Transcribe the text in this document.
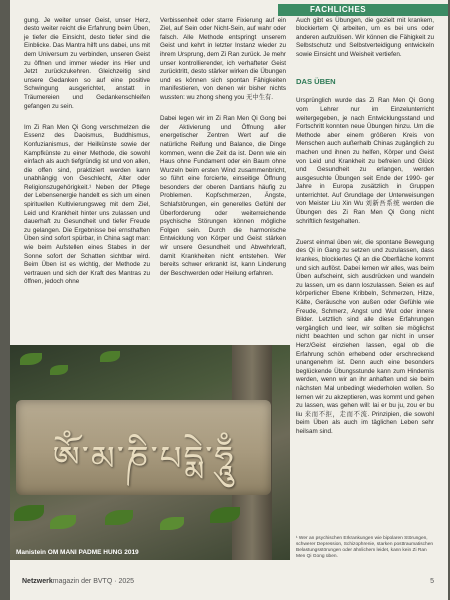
FACHLICHES

gung. Je weiter unser Geist, unser Herz, desto weiter reicht die Erfahrung beim Üben, je tiefer die Einsicht, desto tiefer sind die Einblicke. Das Mantra hilft uns dabei, uns mit dem Universum zu verbinden, unseren Geist zu öffnen und immer wieder ins Hier und Jetzt zurückzukehren. Gleichzeitig sind unsere Gedanken so auf eine positive Schwingung ausgerichtet, anstatt in Träumereien und Gedankenschleifen gefangen zu sein.

Im Zi Ran Men Qi Gong verschmelzen die Essenz des Daoismus, Buddhismus, Konfuzianismus, der Heilkünste sowie der Kampfkünste zu einer Methode, die sowohl einfach als auch tiefgründig ist und von allen, die offen sind, praktiziert werden kann unabhängig von Geschlecht, Alter oder Religionszugehörigkeit.¹ Neben der Pflege der Lebensenergie handelt es sich um einen spirituellen Kultivierungsweg mit dem Ziel, Leid und Krankheit hinter uns zulassen und dauerhaft zu Gesundheit und tiefer Freude zu gelangen. Die Ergebnisse bei ernsthaften Üben sind sofort spürbar, in China sagt man: wie beim Aufstellen eines Stabes in der Sonne sofort der Schatten sichtbar wird. Beim Üben ist es wichtig, der Methode zu vertrauen und sich der Kraft des Mantras zu öffnen, jedoch ohne

Verbissenheit oder starre Fixierung auf ein Ziel, auf Sein oder Nicht-Sein, auf wahr oder falsch. Alle Methode entspringt unserem Geist und kehrt in letzter Instanz wieder zu ihrem Ursprung, dem Zi Ran zurück. Je mehr unser kontrollierender, ich verhafteter Geist zurücktritt, desto stärker wirken die Übungen und es können sich spontan Fähigkeiten manifestieren, von denen wir bisher nichts wussten: wu zhong sheng you 无中生有.

Dabei legen wir im Zi Ran Men Qi Gong bei der Aktivierung und Öffnung aller energetischer Zentren Wert auf die natürliche Reifung und Balance, die Dinge kommen, wenn die Zeit da ist. Denn wie ein Haus ohne Fundament oder ein Baum ohne Wurzeln beim ersten Wind zusammenbricht, so führt eine forcierte, einseitige Öffnung besonders der oberen Dantians häufig zu Problemen. Kopfschmerzen, Ängste, Schlafstörungen, ein generelles Gefühl der Überforderung oder weiterreichende psychische Störungen können mögliche Folgen sein. Durch die harmonische Entwicklung von Körper und Geist stärken wir unsere Gesundheit und Abwehrkraft, damit Krankheiten nicht entstehen. Wer bereits schwer erkrankt ist, kann Linderung der Beschwerden oder Heilung erfahren.

Auch gibt es Übungen, die gezielt mit krankem, blockiertem Qi arbeiten, um es bei uns oder anderen aufzulösen. Wir können die Fähigkeit zu Selbstschutz und Selbstverteidigung entwickeln sowie Einsicht und Weisheit vertiefen.

DAS ÜBEN

Ursprünglich wurde das Zi Ran Men Qi Gong vom Lehrer nur im Einzelunterricht weitergegeben, je nach Entwicklungsstand und Fortschritt konnten neue Übungen hinzu. Um die Methode aber einem größeren Kreis von Menschen auch außerhalb Chinas zugänglich zu machen und ihnen zu helfen, Körper und Geist von Leid und Krankheit zu befreien und Glück und Gesundheit zu erlangen, werden ausgesuchte Übungen seit Ende der 1990- ger Jahre in Europa zusätzlich in Gruppen unterrichtet. Auf Grundlage der Unterweisungen von Meister Liu Xin Wu 刘新吾系统 werden die Übungen des Zi Ran Men Qi Gong nicht schriftlich festgehalten.

Zuerst einmal üben wir, die spontane Bewegung des Qi in Gang zu setzen und zuzulassen, dass krankes, blockiertes Qi an die Oberfläche kommt und sich auflöst. Dabei lernen wir alles, was beim Üben aufscheint, sich ausdrücken und wandeln zu lassen, um es dann loszulassen. Seien es auf körperlicher Ebene Kribbeln, Schmerzen, Hitze, Kälte, Geräusche von außen oder Gefühle wie Freude, Schmerz, Angst und Wut oder innere Bilder. Letztlich sind alle diese Erfahrungen vergänglich und leer, wir sollten sie möglichst nicht beachten und schon gar nicht in unser Herz/Geist einziehen lassen, egal ob die Erfahrung schön erhebend oder erschreckend unangenehm ist. Denn auch eine besonders beglückende Übungsstunde kann zum Hindernis werden, wenn wir an ihr anhaften und sie beim nächsten Mal unbedingt wiederholen wollen. So lernen wir zu akzeptieren, was kommt und gehen zu lassen, was gehen will: lai er bu ju, zou er bu liu 来而不拒，走而不流. Prinzipien, die sowohl beim Üben als auch im täglichen Leben sehr heilsam sind.

ཨོཾ་མ་ཎི་པདྨེ་ཧཱུྃ
Manistein OM MANI PADME HUNG 2019
¹ Wer an psychischen Erkrankungen wie bipolaren Störungen, schwerer Depression, Schizophrenie, starken posttraumatischen Belastungsstörungen oder ähnlichem leidet, kann kein Zi Ran Men Qi Gong üben.
Netzwerkmagazin der BVTQ · 2025	5
